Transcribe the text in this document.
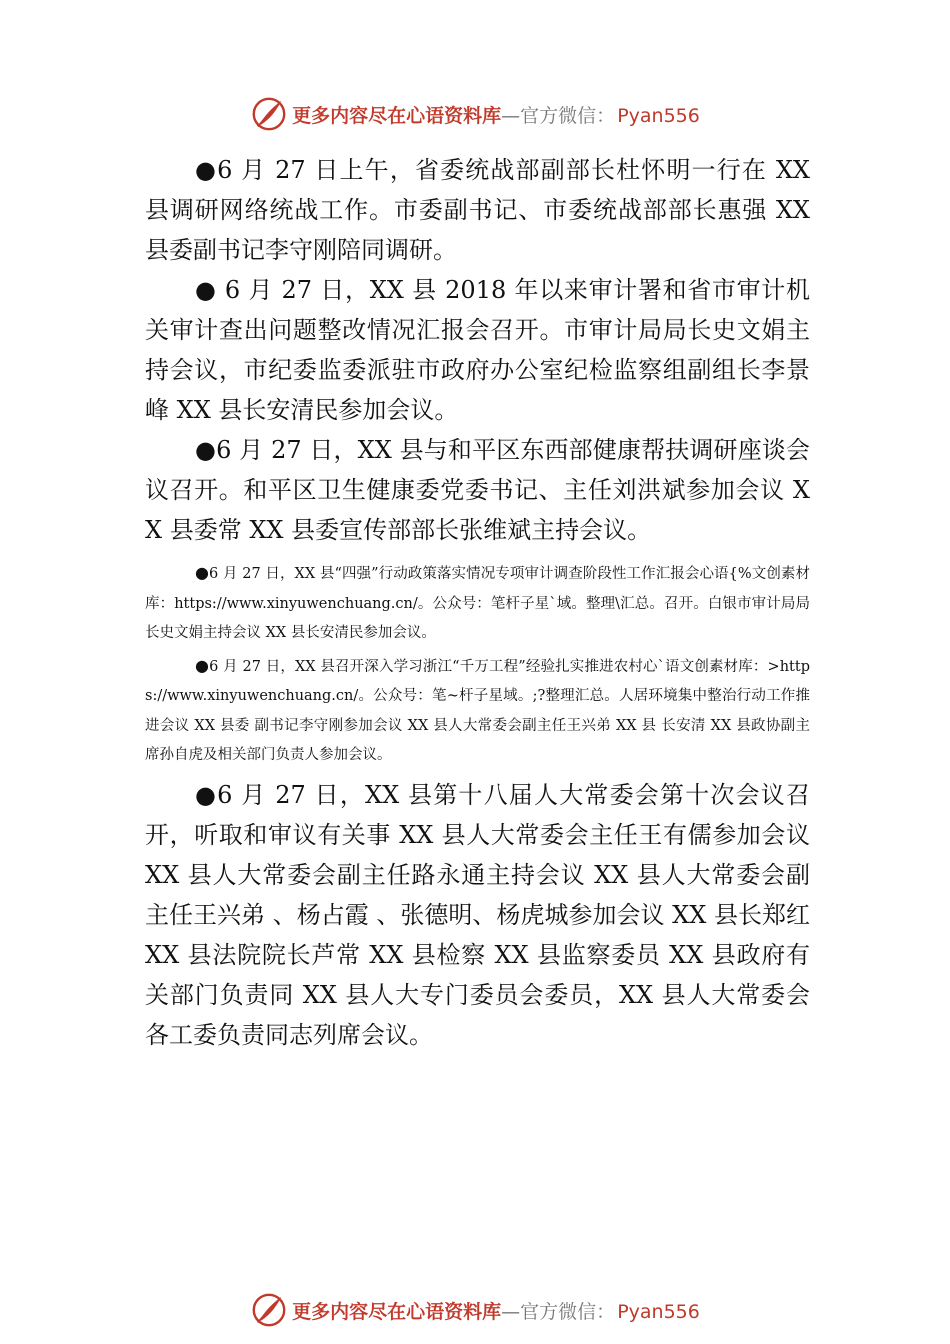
更多内容尽在心语资料库—官方微信： Pyan556

●6 月 27 日上午，省委统战部副部长杜怀明一行在 XX 县调研网络统战工作。市委副书记、市委统战部部长惠强 XX 县委副书记李守刚陪同调研。

● 6 月 27 日，XX 县 2018 年以来审计署和省市审计机关审计查出问题整改情况汇报会召开。市审计局局长史文娟主持会议，市纪委监委派驻市政府办公室纪检监察组副组长李景峰 XX 县长安清民参加会议。

●6 月 27 日，XX 县与和平区东西部健康帮扶调研座谈会议召开。和平区卫生健康委党委书记、主任刘洪斌参加会议 XX 县委常 XX 县委宣传部部长张维斌主持会议。

●6 月 27 日，XX 县“四强”行动政策落实情况专项审计调查阶段性工作汇报会心语{%文创素材库：https://www.xinyuwenchuang.cn/。公众号：笔杆子星`域。整理\汇总。召开。白银市审计局局长史文娟主持会议 XX 县长安清民参加会议。

●6 月 27 日，XX 县召开深入学习浙江“千万工程”经验扎实推进农村心`语文创素材库：>https://www.xinyuwenchuang.cn/。公众号：笔~杆子星域。;?整理汇总。人居环境集中整治行动工作推进会议 XX 县委 副书记李守刚参加会议 XX 县人大常委会副主任王兴弟 XX 县 长安清 XX 县政协副主席孙自虎及相关部门负责人参加会议。

●6 月 27 日，XX 县第十八届人大常委会第十次会议召开，听取和审议有关事 XX 县人大常委会主任王有儒参加会议 XX 县人大常委会副主任路永通主持会议 XX 县人大常委会副主任王兴弟 、杨占霞 、张德明、杨虎城参加会议 XX 县长郑红 XX 县法院院长芦常 XX 县检察 XX 县监察委员 XX 县政府有关部门负责同 XX 县人大专门委员会委员，XX 县人大常委会各工委负责同志列席会议。

更多内容尽在心语资料库—官方微信： Pyan556
